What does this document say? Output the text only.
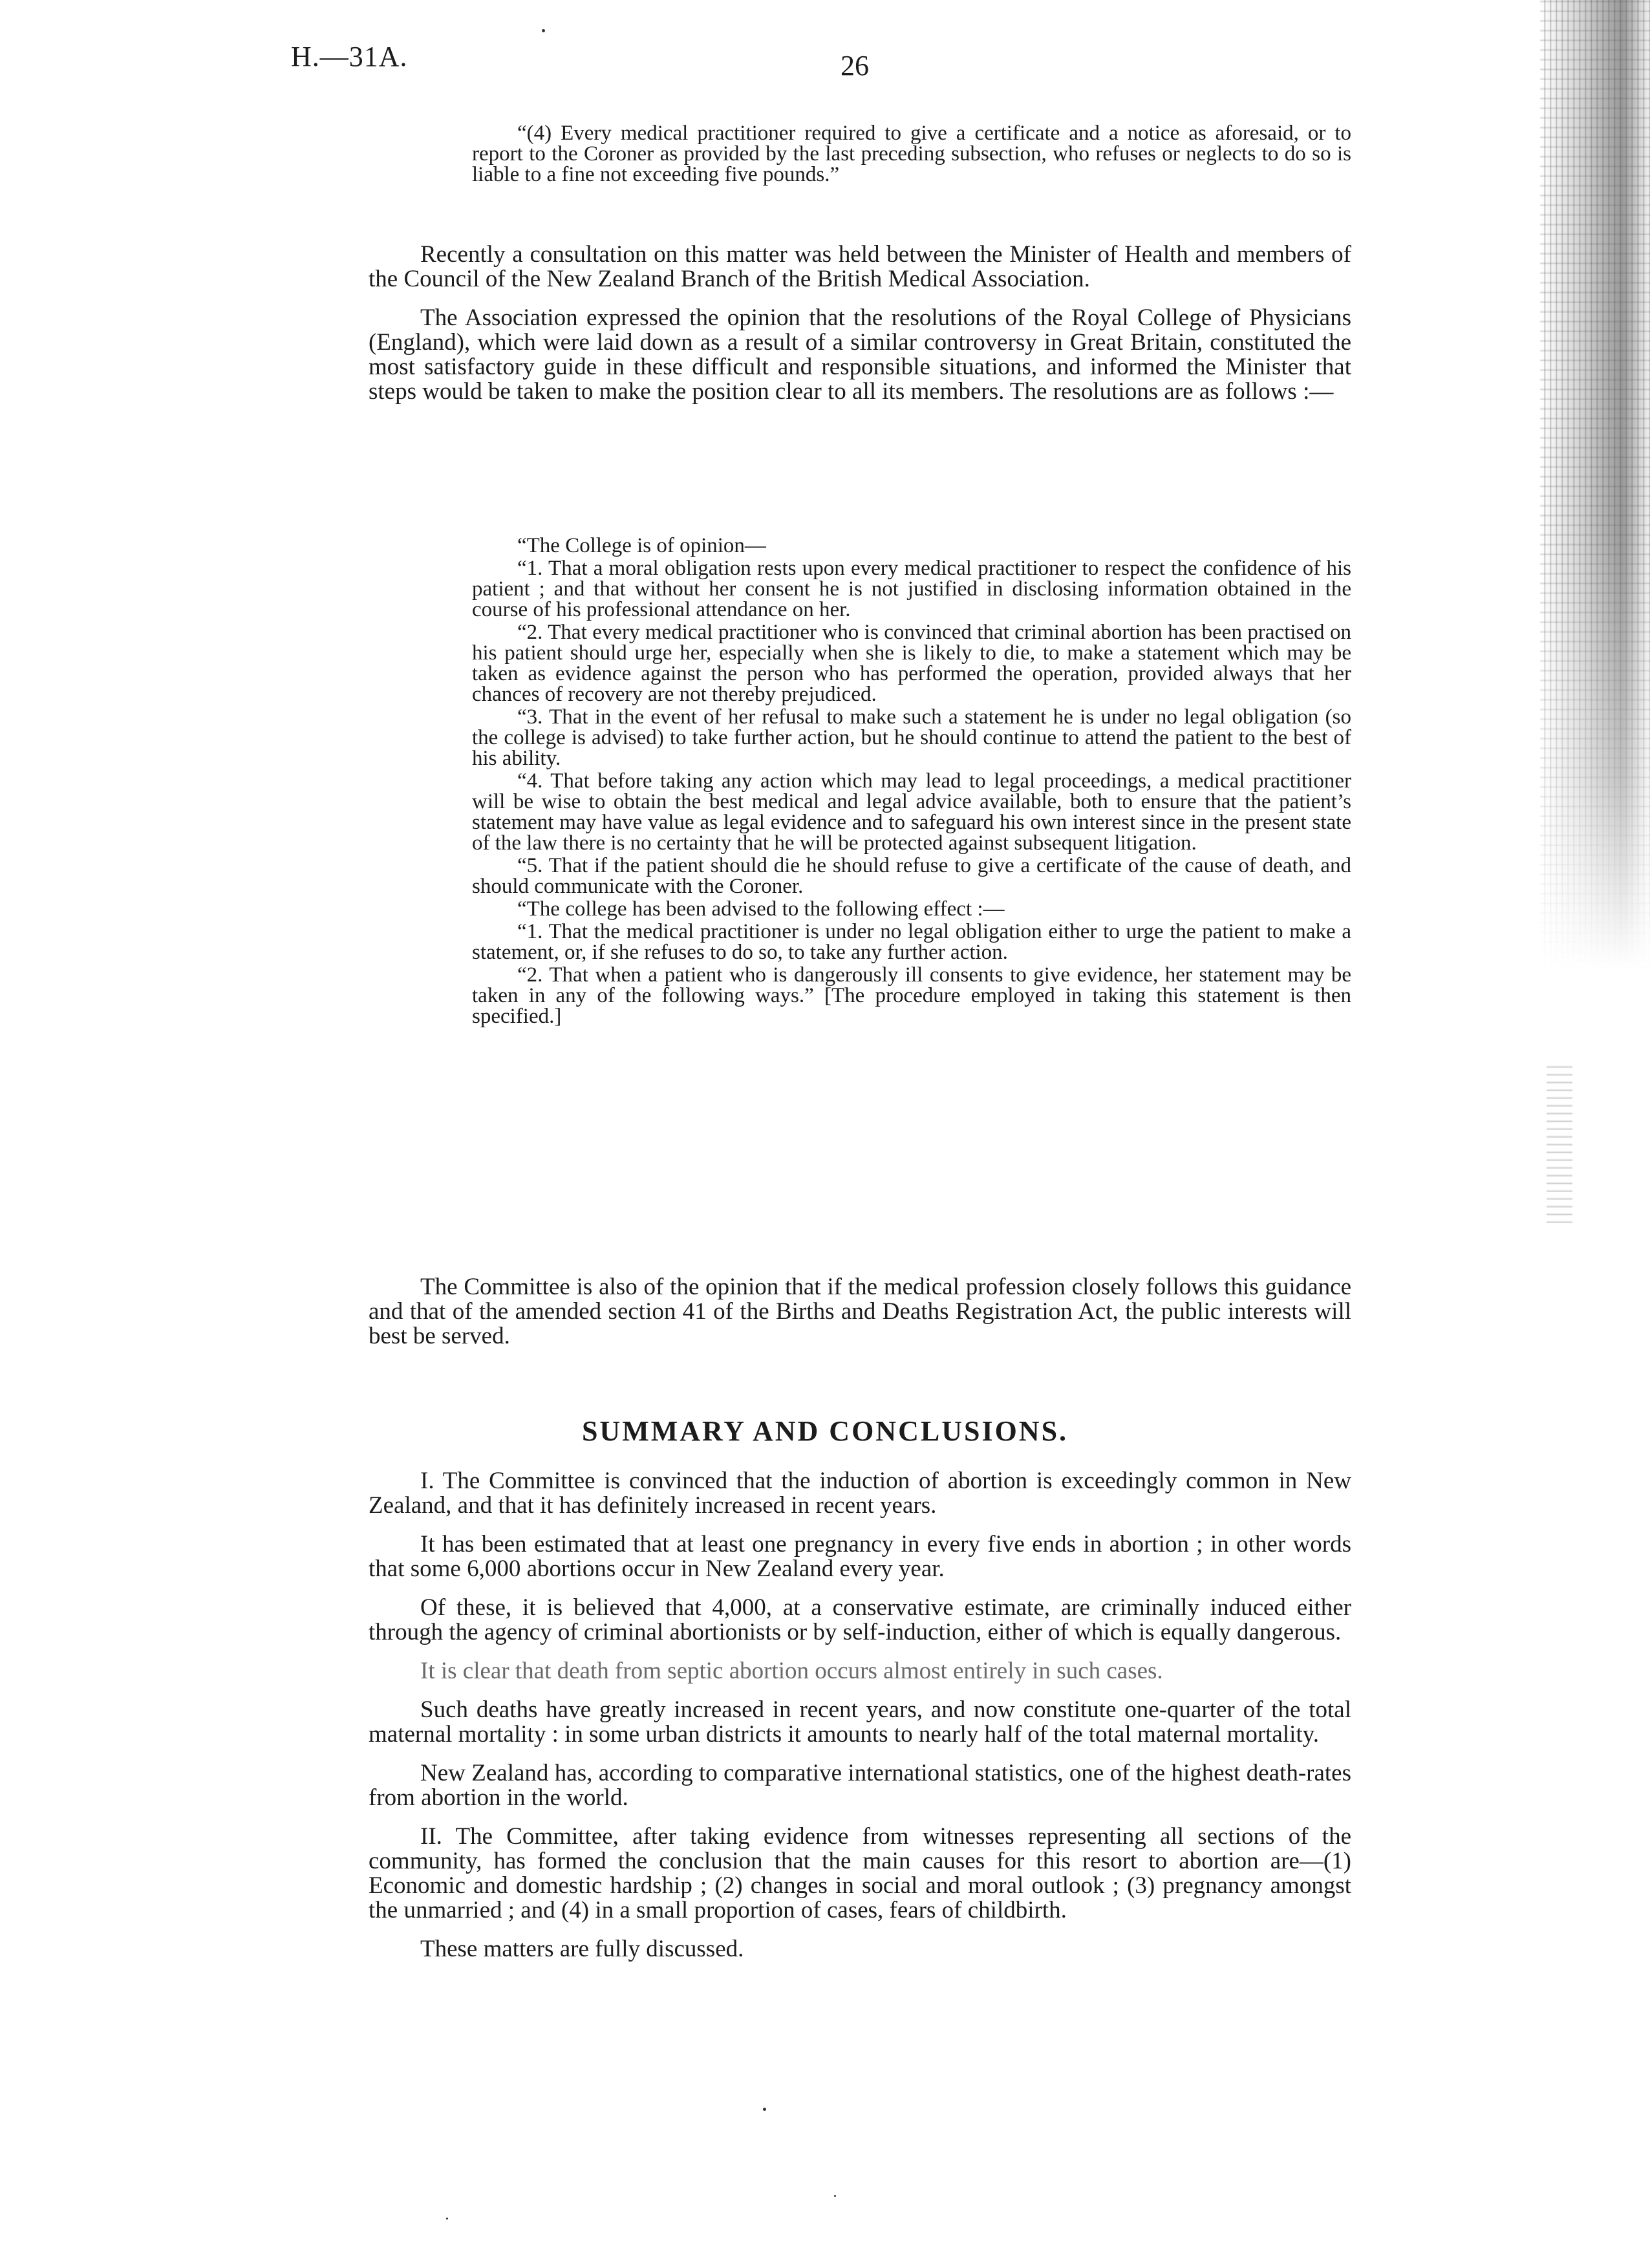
H.—31A.	26

“(4) Every medical practitioner required to give a certificate and a notice as aforesaid, or to report to the Coroner as provided by the last preceding subsection, who refuses or neglects to do so is liable to a fine not exceeding five pounds.”

Recently a consultation on this matter was held between the Minister of Health and members of the Council of the New Zealand Branch of the British Medical Association.

The Association expressed the opinion that the resolutions of the Royal College of Physicians (England), which were laid down as a result of a similar controversy in Great Britain, constituted the most satisfactory guide in these difficult and responsible situations, and informed the Minister that steps would be taken to make the position clear to all its members. The resolutions are as follows :—

“The College is of opinion—

“1. That a moral obligation rests upon every medical practitioner to respect the confidence of his patient ; and that without her consent he is not justified in disclosing information obtained in the course of his professional attendance on her.

“2. That every medical practitioner who is convinced that criminal abortion has been practised on his patient should urge her, especially when she is likely to die, to make a statement which may be taken as evidence against the person who has performed the operation, provided always that her chances of recovery are not thereby prejudiced.

“3. That in the event of her refusal to make such a statement he is under no legal obligation (so the college is advised) to take further action, but he should continue to attend the patient to the best of his ability.

“4. That before taking any action which may lead to legal proceedings, a medical practitioner will be wise to obtain the best medical and legal advice available, both to ensure that the patient’s statement may have value as legal evidence and to safeguard his own interest since in the present state of the law there is no certainty that he will be protected against subsequent litigation.

“5. That if the patient should die he should refuse to give a certificate of the cause of death, and should communicate with the Coroner.

“The college has been advised to the following effect :—

“1. That the medical practitioner is under no legal obligation either to urge the patient to make a statement, or, if she refuses to do so, to take any further action.

“2. That when a patient who is dangerously ill consents to give evidence, her statement may be taken in any of the following ways.” [The procedure employed in taking this statement is then specified.]

The Committee is also of the opinion that if the medical profession closely follows this guidance and that of the amended section 41 of the Births and Deaths Registration Act, the public interests will best be served.

SUMMARY AND CONCLUSIONS.

I. The Committee is convinced that the induction of abortion is exceedingly common in New Zealand, and that it has definitely increased in recent years.

It has been estimated that at least one pregnancy in every five ends in abortion ; in other words that some 6,000 abortions occur in New Zealand every year.

Of these, it is believed that 4,000, at a conservative estimate, are criminally induced either through the agency of criminal abortionists or by self-induction, either of which is equally dangerous.

It is clear that death from septic abortion occurs almost entirely in such cases.

Such deaths have greatly increased in recent years, and now constitute one-quarter of the total maternal mortality : in some urban districts it amounts to nearly half of the total maternal mortality.

New Zealand has, according to comparative international statistics, one of the highest death-rates from abortion in the world.

II. The Committee, after taking evidence from witnesses representing all sections of the community, has formed the conclusion that the main causes for this resort to abortion are—(1) Economic and domestic hardship ; (2) changes in social and moral outlook ; (3) pregnancy amongst the unmarried ; and (4) in a small proportion of cases, fears of childbirth.

These matters are fully discussed.
